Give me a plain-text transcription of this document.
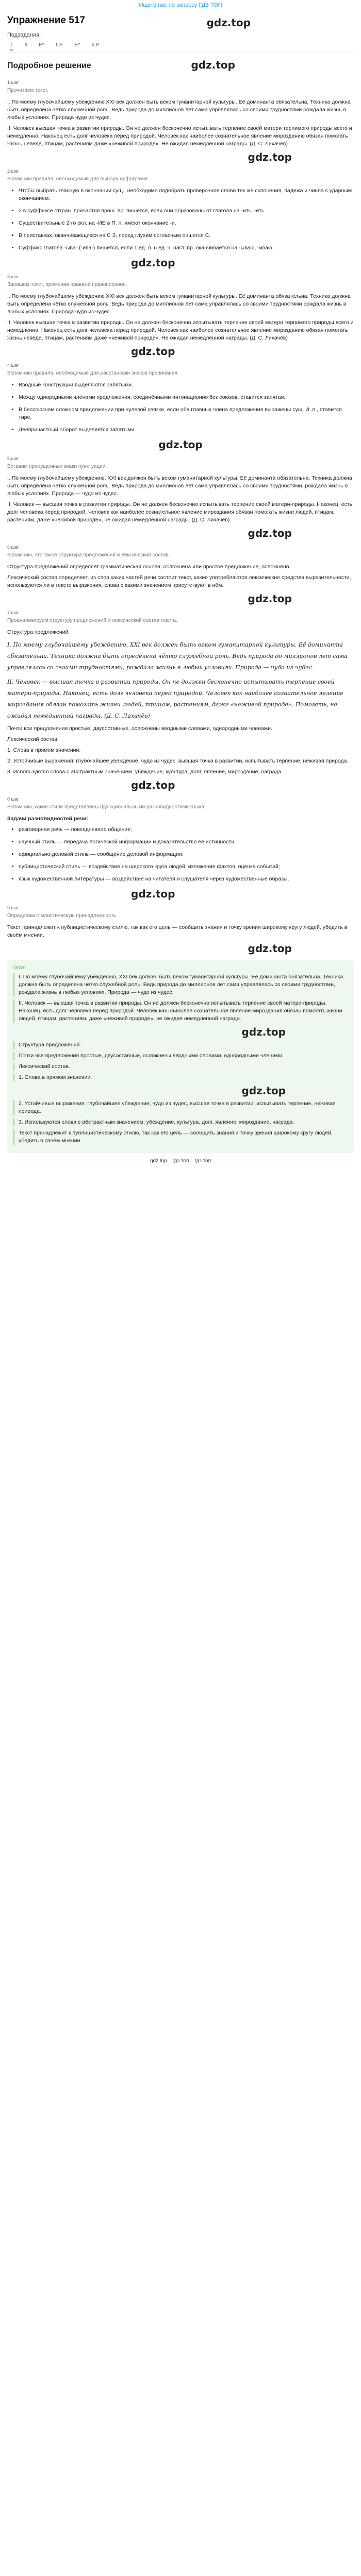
Ищете нас по запросу ГДЗ ТОП
Упражнение 517	gdz.top
Подзадания:
1 К Е* Г.Р. Е* К.Р
Подробное решение	gdz.top
1 шаг
Прочитаем текст.

I. По моему глубочайшему убеждению XXI век должен быть веком гуманитарной культуры. Её доминанта обязательна. Техника должна быть определена чётко служебной роль. Ведь природа до миллионов лет сама упрявлялась со своими трудностями рождала жизнь в любых условиях. Природа чудо из чудес.

II. Человек высшая точка в развитии природы. Он не должен бесконечно испыт..вать терпение своей матери терпимого природы всего и немедленно. Наконец есть долг человека перед природой. Человек как наиболее сознательное явление мирозданию обязан помогать жизнь неведе, птицам, растениям даже «неживой природе». Не ожидая немедленной награды. (Д. С. Лихачёв)

gdz.top
2 шаг
Вспомним правила, необходимые для выбора орфограмм.
• Чтобы выбрать гласную в окончании сущ., необходимо подобрать проверочное слово тех же склонения, падежа и числа с ударным окончанием.
• 2 в суффиксе отгран. причастия прош. вр. пишется, если они образованы от глагола на -ить, -еть.
• Существительные 2-го скл. на -ИЕ в П. п. имеют окончание -и.
• В приставках, оканчивающихся на С З, перед глухим согласным пишется С.
• Суффикс глагола -ыва- (-ива-) пишется, если 1 ед. л. н ед. ч. наст. вр. оканчивается на -ываю, -иваю .
gdz.top
3 шаг
Запишем текст, применив правила правописания.

I. По моему глубочайшему убеждению XXI век должен быть веком гуманитарной культуры. Её доминанта обязательна. Техника должна быть определена чётко служебной роль. Ведь природа до миллионов лет сама управлялась со своими трудностями рождала жизнь в любых условиях. Природа чудо из чудес.

II. Человек высшая точка в развитии природы. Он не должен бесконечно испытывать терпение своей матери терпимого природы всего и немедленно. Наконец есть долг человека перед природой. Человек как наиболее сознательное явление мирозданию обязан помогать жизнь неведе, птицам, растениям даже «неживой природе». Не ожидая немедленной награды. (Д. С. Лихачёв)

gdz.top
4 шаг
Вспомним правила, необходимые для расстановки знаков препинания.
• Вводные конструкции выделяются запятыми.
• Между однородными членами предложения, соединёнными интонационно без союзов, ставится запятая.
• В бессоюзном сложном предложении при нулевой связке, если оба главных члена предложения выражены сущ. И. п., ставится тире.
• Деепричастный оборот выделяется запятыми.
gdz.top
5 шаг
Вставим пропущенные знаки пунктуации.

I. По моему глубочайшему убеждению, XXI век должен быть веком гуманитарной культуры. Её доминанта обязательна. Техника должна быть определена чётко служебной роль. Ведь природа до миллионов лет сама управлялась со своими трудностями, рождала жизнь в любых условиях. Природа — чудо из чудес.

II. Человек — высшая точка в развитии природы. Он не должен бесконечно испытывать терпение своей матери-природы. Наконец, есть долг человека перед природой. Человек как наиболее сознательное явление мироздания обязан помогать жизни людей, птицам, растениям, даже «неживой природе», не ожидая немедленной награды. (Д. С. Лихачёв)

gdz.top
6 шаг
Вспомним, что такое структура предложений и лексический состав.

Структура предложений определяет грамматическая основа, осложнена или простое предложение, осложнено.

Лексический состав определяет, из слов каких частей речи состоит текст, какие употребляются лексические средства выразительности, используются ли в тексте выражения, слова с какими значением присутствуют в нём.

gdz.top
7 шаг
Проанализируем структуру предложений и лексический состав текста.
Структура предложений.
I. По моему глубочайшему убеждению, XXI век должен быть веком гуманитарной культуры. Её доминанта обязательна. Техника должна быть определена чётко служебной роль. Ведь природа до миллионов лет сама управлялась со своими трудностями, рождала жизнь в любых условиях. Природа — чудо из чудес.
II. Человек — высшая точка в развитии природы. Он не должен бесконечно испытывать терпение своей матери-природы. Наконец, есть долг человека перед природой. Человек как наиболее сознательное явление мироздания обязан помогать жизни людей, птицам, растениям, даже «неживой природе». Помогать, не ожидая немедленной награды. (Д. С. Лихачёв)

Почти все предложения простые, двусоставные, осложнены вводными словами, однородными членами.

Лексический состав.

1. Слова в прямом значении.

2. Устойчивые выражения: глубочайшее убеждение, чудо из чудес, высшая точка в развитии, испытывать терпение, неживая природа.

3. Используются слова с абстрактным значением: убеждение, культура, долг, явление, мироздание, награда.

gdz.top
8 шаг
Вспомним, какие стили представлены функциональными разновидностями языка.
Задачи разновидностей речи:
• разговорная речь — повседневное общение;
• научный стиль — передача логической информации и доказательство её истинности;
• официально-деловой стиль — сообщение деловой информации;
• публицистический стиль — воздействие на широкого круга людей, изложение фактов, оценка событий;
• язык художественной литературы — воздействие на читателя и слушателя через художественные образы.
gdz.top
9 шаг
Определим стилистическую принадлежность.

Текст принадлежит к публицистическому стилю, так как его цель — сообщить знания и точку зрения широкому кругу людей, убедить в своём мнении.

gdz.top
Ответ

I. По моему глубочайшему убеждению, XXI век должен быть веком гуманитарной культуры. Её доминанта обязательна. Техника должна быть определена чётко служебной роль. Ведь природа до миллионов лет сама управлялась со своими трудностями, рождала жизнь в любых условиях. Природа — чудо из чудес.

II. Человек — высшая точка в развитии природы. Он не должен бесконечно испытывать терпение своей матери-природы. Наконец, есть долг человека перед природой. Человек как наиболее сознательное явление мироздания обязан помогать жизни людей, птицам, растениям, даже «неживой природе», не ожидая немедленной награды.

gdz.top

Структура предложений.

Почти все предложения простые, двусоставные, осложнены вводными словами, однородными членами.

Лексический состав.

1. Слова в прямом значении.

gdz.top

2. Устойчивые выражения: глубочайшее убеждение, чудо из чудес, высшая точка в развитии, испытывать терпение, неживая природа.

3. Используются слова с абстрактным значением: убеждение, культура, долг, явление, мироздание, награда.

Текст принадлежит к публицистическому стилю, так как его цель — сообщить знания и точку зрения широкому кругу людей, убедить в своём мнении.

gdz top гдз топ гдз топ
